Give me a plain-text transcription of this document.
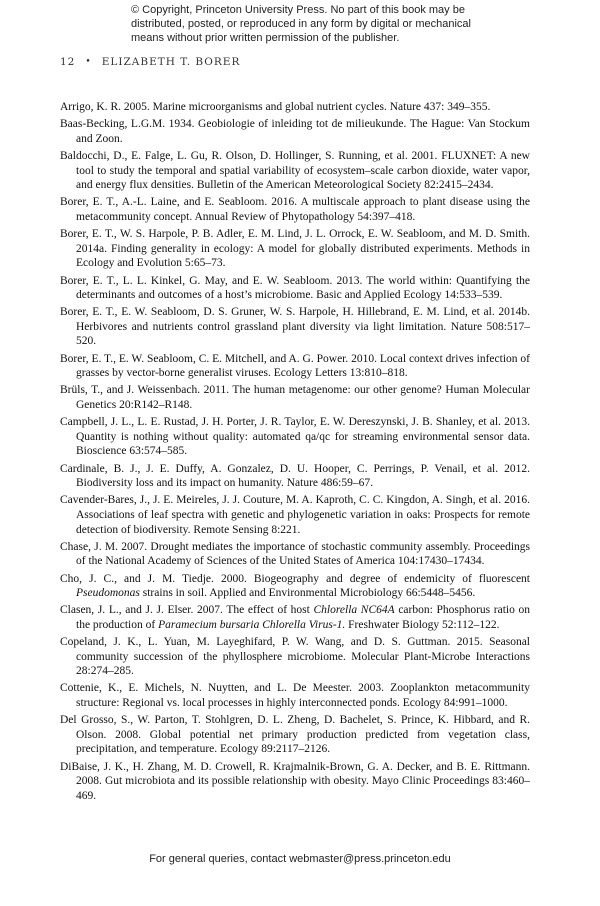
© Copyright, Princeton University Press. No part of this book may be
distributed, posted, or reproduced in any form by digital or mechanical
means without prior written permission of the publisher.
12 • ELIZABETH T. BORER

Arrigo, K. R. 2005. Marine microorganisms and global nutrient cycles. Nature 437: 349–355.

Baas-Becking, L.G.M. 1934. Geobiologie of inleiding tot de milieukunde. The Hague: Van Stockum and Zoon.

Baldocchi, D., E. Falge, L. Gu, R. Olson, D. Hollinger, S. Running, et al. 2001. FLUXNET: A new tool to study the temporal and spatial variability of ecosystem–scale carbon dioxide, water vapor, and energy flux densities. Bulletin of the American Meteorological Society 82:2415–2434.

Borer, E. T., A.-L. Laine, and E. Seabloom. 2016. A multiscale approach to plant disease using the metacommunity concept. Annual Review of Phytopathology 54:397–418.

Borer, E. T., W. S. Harpole, P. B. Adler, E. M. Lind, J. L. Orrock, E. W. Seabloom, and M. D. Smith. 2014a. Finding generality in ecology: A model for globally distributed experiments. Methods in Ecology and Evolution 5:65–73.

Borer, E. T., L. L. Kinkel, G. May, and E. W. Seabloom. 2013. The world within: Quantifying the determinants and outcomes of a host’s microbiome. Basic and Applied Ecology 14:533–539.

Borer, E. T., E. W. Seabloom, D. S. Gruner, W. S. Harpole, H. Hillebrand, E. M. Lind, et al. 2014b. Herbivores and nutrients control grassland plant diversity via light limitation. Nature 508:517–520.

Borer, E. T., E. W. Seabloom, C. E. Mitchell, and A. G. Power. 2010. Local context drives infection of grasses by vector-borne generalist viruses. Ecology Letters 13:810–818.

Brüls, T., and J. Weissenbach. 2011. The human metagenome: our other genome? Human Molecular Genetics 20:R142–R148.

Campbell, J. L., L. E. Rustad, J. H. Porter, J. R. Taylor, E. W. Dereszynski, J. B. Shanley, et al. 2013. Quantity is nothing without quality: automated qa/qc for streaming environmental sensor data. Bioscience 63:574–585.

Cardinale, B. J., J. E. Duffy, A. Gonzalez, D. U. Hooper, C. Perrings, P. Venail, et al. 2012. Biodiversity loss and its impact on humanity. Nature 486:59–67.

Cavender-Bares, J., J. E. Meireles, J. J. Couture, M. A. Kaproth, C. C. Kingdon, A. Singh, et al. 2016. Associations of leaf spectra with genetic and phylogenetic variation in oaks: Prospects for remote detection of biodiversity. Remote Sensing 8:221.

Chase, J. M. 2007. Drought mediates the importance of stochastic community assembly. Proceedings of the National Academy of Sciences of the United States of America 104:17430–17434.

Cho, J. C., and J. M. Tiedje. 2000. Biogeography and degree of endemicity of fluorescent Pseudomonas strains in soil. Applied and Environmental Microbiology 66:5448–5456.

Clasen, J. L., and J. J. Elser. 2007. The effect of host Chlorella NC64A carbon: Phosphorus ratio on the production of Paramecium bursaria Chlorella Virus-1. Freshwater Biology 52:112–122.

Copeland, J. K., L. Yuan, M. Layeghifard, P. W. Wang, and D. S. Guttman. 2015. Seasonal community succession of the phyllosphere microbiome. Molecular Plant-Microbe Interactions 28:274–285.

Cottenie, K., E. Michels, N. Nuytten, and L. De Meester. 2003. Zooplankton metacommunity structure: Regional vs. local processes in highly interconnected ponds. Ecology 84:991–1000.

Del Grosso, S., W. Parton, T. Stohlgren, D. L. Zheng, D. Bachelet, S. Prince, K. Hibbard, and R. Olson. 2008. Global potential net primary production predicted from vegetation class, precipitation, and temperature. Ecology 89:2117–2126.

DiBaise, J. K., H. Zhang, M. D. Crowell, R. Krajmalnik-Brown, G. A. Decker, and B. E. Rittmann. 2008. Gut microbiota and its possible relationship with obesity. Mayo Clinic Proceedings 83:460–469.

For general queries, contact webmaster@press.princeton.edu
